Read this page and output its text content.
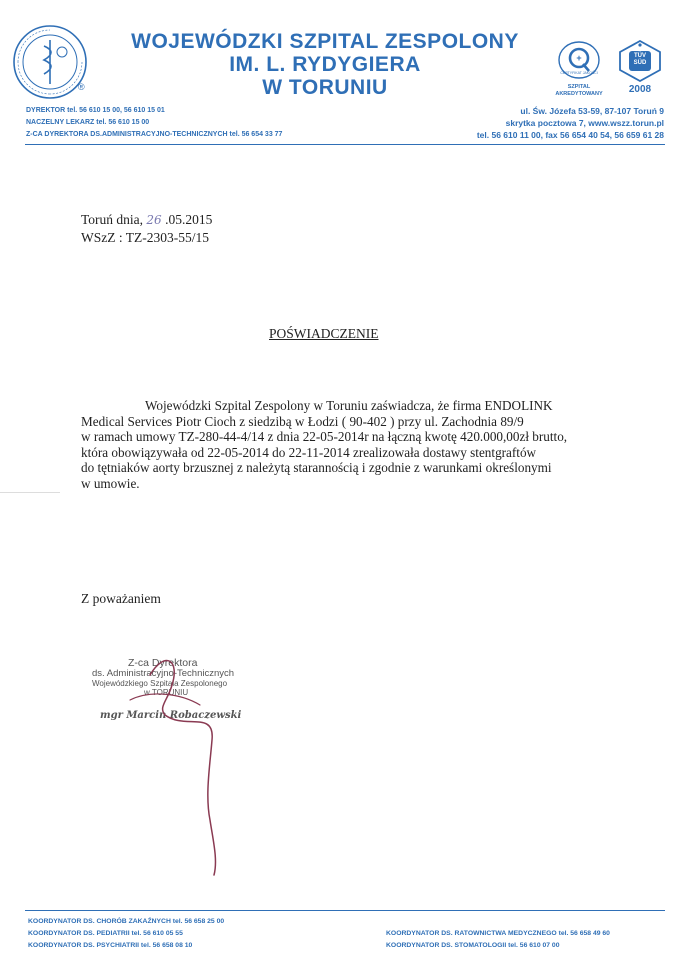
®
WOJEWÓDZKI SZPITAL ZESPOLONY
IM. L. RYDYGIERA
W TORUNIU
+
CERTYFIKAT JAKOŚCI
SZPITAL AKREDYTOWANY
TÜV SÜD
2008
DYREKTOR tel. 56 610 15 00, 56 610 15 01
NACZELNY LEKARZ tel. 56 610 15 00
Z-CA DYREKTORA DS.ADMINISTRACYJNO-TECHNICZNYCH tel. 56 654 33 77
ul. Św. Józefa 53-59, 87-107 Toruń 9
skrytka pocztowa 7, www.wszz.torun.pl
tel. 56 610 11 00, fax 56 654 40 54, 56 659 61 28
Toruń dnia, 26 .05.2015
WSzZ : TZ-2303-55/15
POŚWIADCZENIE

Wojewódzki Szpital Zespolony w Toruniu zaświadcza, że firma ENDOLINK

Medical Services Piotr Cioch z siedzibą w Łodzi ( 90-402 ) przy ul. Zachodnia 89/9

w ramach umowy TZ-280-44-4/14 z dnia 22-05-2014r na łączną kwotę 420.000,00zł brutto,

która obowiązywała od 22-05-2014 do 22-11-2014 zrealizowała dostawy stentgraftów

do tętniaków aorty brzusznej z należytą starannością i zgodnie z warunkami określonymi

w umowie.

Z poważaniem
Z-ca Dyrektora
ds. Administracyjno-Technicznych
Wojewódzkiego Szpitala Zespolonego
w TORUNIU
mgr Marcin Robaczewski
KOORDYNATOR DS. CHORÓB ZAKAŹNYCH tel. 56 658 25 00
KOORDYNATOR DS. PEDIATRII tel. 56 610 05 55
KOORDYNATOR DS. PSYCHIATRII tel. 56 658 08 10
KOORDYNATOR DS. RATOWNICTWA MEDYCZNEGO tel. 56 658 49 60
KOORDYNATOR DS. STOMATOLOGII tel. 56 610 07 00
